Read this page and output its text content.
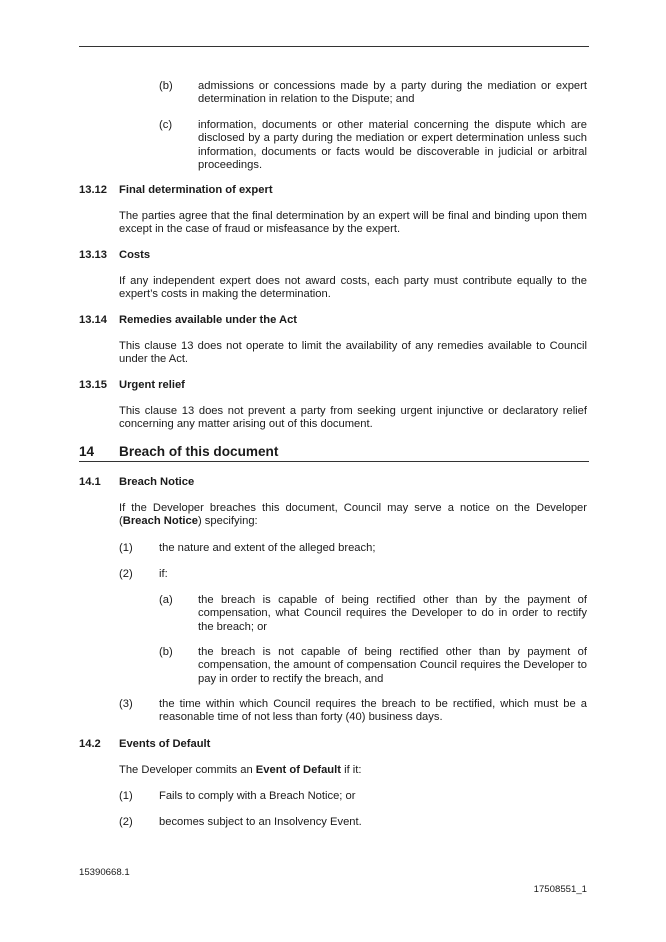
(b) admissions or concessions made by a party during the mediation or expert determination in relation to the Dispute; and
(c) information, documents or other material concerning the dispute which are disclosed by a party during the mediation or expert determination unless such information, documents or facts would be discoverable in judicial or arbitral proceedings.
13.12 Final determination of expert
The parties agree that the final determination by an expert will be final and binding upon them except in the case of fraud or misfeasance by the expert.
13.13 Costs
If any independent expert does not award costs, each party must contribute equally to the expert’s costs in making the determination.
13.14 Remedies available under the Act
This clause 13 does not operate to limit the availability of any remedies available to Council under the Act.
13.15 Urgent relief
This clause 13 does not prevent a party from seeking urgent injunctive or declaratory relief concerning any matter arising out of this document.
14 Breach of this document
14.1 Breach Notice
If the Developer breaches this document, Council may serve a notice on the Developer (Breach Notice) specifying:
(1) the nature and extent of the alleged breach;
(2) if:
(a) the breach is capable of being rectified other than by the payment of compensation, what Council requires the Developer to do in order to rectify the breach; or
(b) the breach is not capable of being rectified other than by payment of compensation, the amount of compensation Council requires the Developer to pay in order to rectify the breach, and
(3) the time within which Council requires the breach to be rectified, which must be a reasonable time of not less than forty (40) business days.
14.2 Events of Default
The Developer commits an Event of Default if it:
(1) Fails to comply with a Breach Notice; or
(2) becomes subject to an Insolvency Event.
15390668.1
17508551_1
